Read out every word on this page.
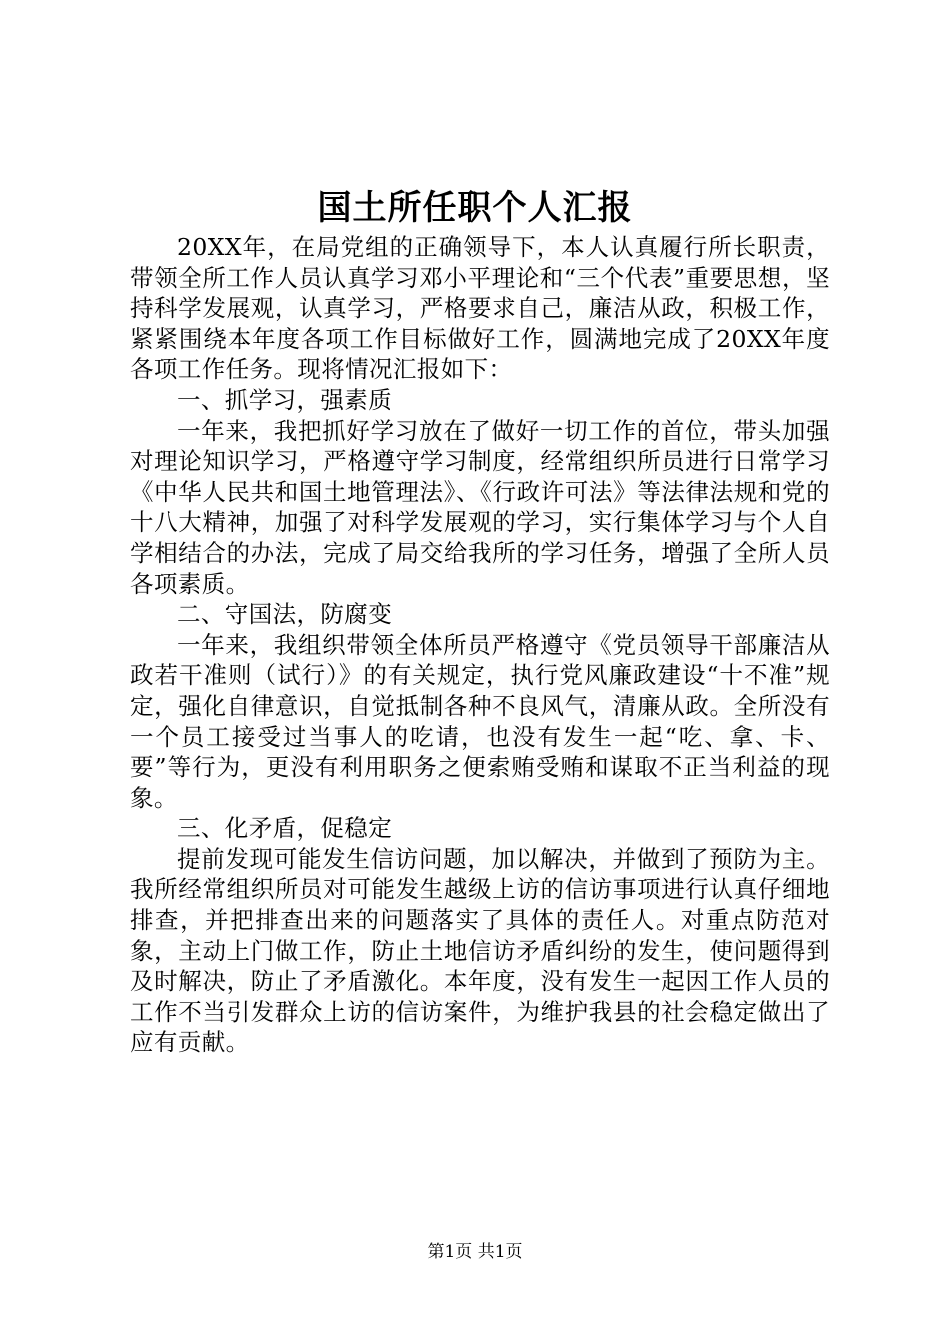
国土所任职个人汇报

20XX年，在局党组的正确领导下，本人认真履行所长职责，带领全所工作人员认真学习邓小平理论和“三个代表”重要思想，坚持科学发展观，认真学习，严格要求自己，廉洁从政，积极工作，紧紧围绕本年度各项工作目标做好工作，圆满地完成了20XX年度各项工作任务。现将情况汇报如下：

一、抓学习，强素质

一年来，我把抓好学习放在了做好一切工作的首位，带头加强对理论知识学习，严格遵守学习制度，经常组织所员进行日常学习《中华人民共和国土地管理法》、《行政许可法》等法律法规和党的十八大精神，加强了对科学发展观的学习，实行集体学习与个人自学相结合的办法，完成了局交给我所的学习任务，增强了全所人员各项素质。

二、守国法，防腐变

一年来，我组织带领全体所员严格遵守《党员领导干部廉洁从政若干准则（试行）》的有关规定，执行党风廉政建设“十不准”规定，强化自律意识，自觉抵制各种不良风气，清廉从政。全所没有一个员工接受过当事人的吃请，也没有发生一起“吃、拿、卡、要”等行为，更没有利用职务之便索贿受贿和谋取不正当利益的现象。

三、化矛盾，促稳定

提前发现可能发生信访问题，加以解决，并做到了预防为主。我所经常组织所员对可能发生越级上访的信访事项进行认真仔细地排查，并把排查出来的问题落实了具体的责任人。对重点防范对象，主动上门做工作，防止土地信访矛盾纠纷的发生，使问题得到及时解决，防止了矛盾激化。本年度，没有发生一起因工作人员的工作不当引发群众上访的信访案件，为维护我县的社会稳定做出了应有贡献。

第1页 共1页
